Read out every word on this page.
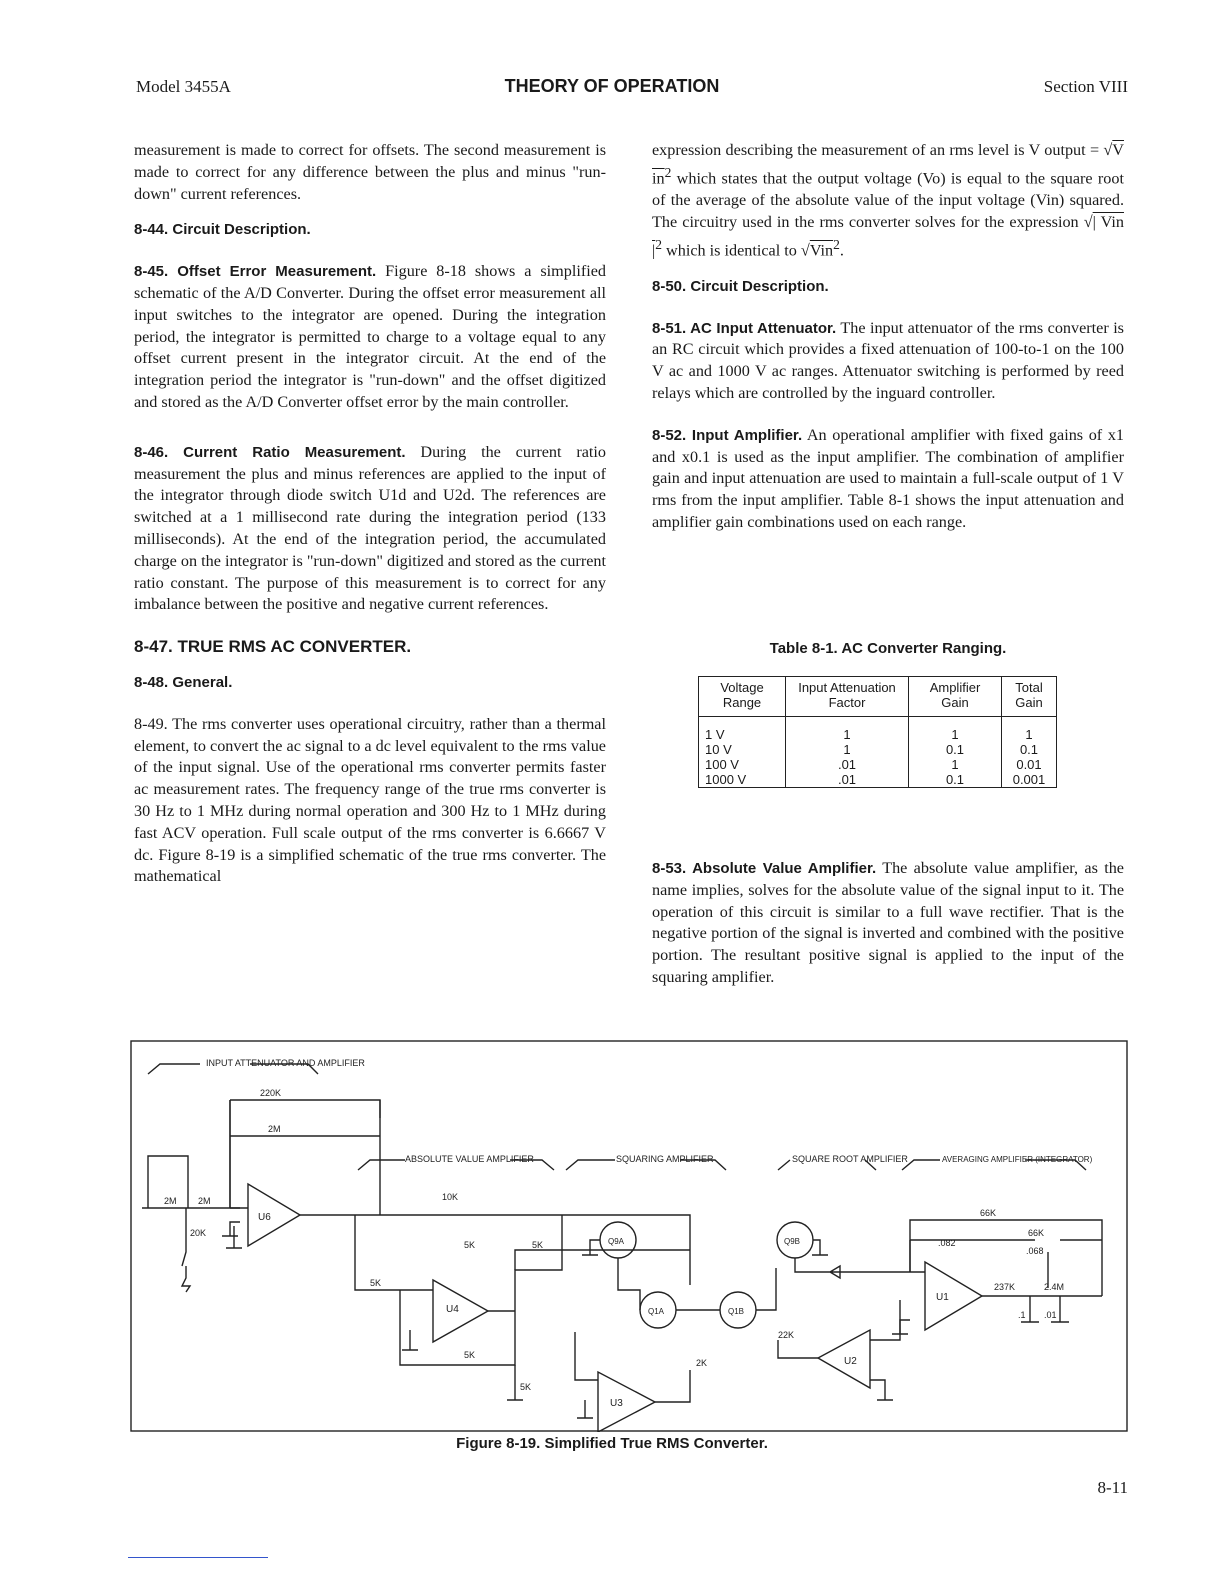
Model 3455A	THEORY OF OPERATION	Section VIII

measurement is made to correct for offsets. The second measurement is made to correct for any difference between the plus and minus "run-down" current references.

8-44. Circuit Description.

8-45. Offset Error Measurement. Figure 8-18 shows a simplified schematic of the A/D Converter. During the offset error measurement all input switches to the integrator are opened. During the integration period, the integrator is permitted to charge to a voltage equal to any offset current present in the integrator circuit. At the end of the integration period the integrator is "run-down" and the offset digitized and stored as the A/D Converter offset error by the main controller.

8-46. Current Ratio Measurement. During the current ratio measurement the plus and minus references are applied to the input of the integrator through diode switch U1d and U2d. The references are switched at a 1 millisecond rate during the integration period (133 milliseconds). At the end of the integration period, the accumulated charge on the integrator is "run-down" digitized and stored as the current ratio constant. The purpose of this measurement is to correct for any imbalance between the positive and negative current references.

8-47. TRUE RMS AC CONVERTER.

8-48. General.

8-49. The rms converter uses operational circuitry, rather than a thermal element, to convert the ac signal to a dc level equivalent to the rms value of the input signal. Use of the operational rms converter permits faster ac measurement rates. The frequency range of the true rms converter is 30 Hz to 1 MHz during normal operation and 300 Hz to 1 MHz during fast ACV operation. Full scale output of the rms converter is 6.6667 V dc. Figure 8-19 is a simplified schematic of the true rms converter. The mathematical

expression describing the measurement of an rms level is V output = √V $in^2$ which states that the output voltage (Vo) is equal to the square root of the average of the absolute value of the input voltage (Vin) squared. The circuitry used in the rms converter solves for the expression √| Vin $|^2$ which is identical to √Vin$^2$.

8-50. Circuit Description.

8-51. AC Input Attenuator. The input attenuator of the rms converter is an RC circuit which provides a fixed attenuation of 100-to-1 on the 100 V ac and 1000 V ac ranges. Attenuator switching is performed by reed relays which are controlled by the inguard controller.

8-52. Input Amplifier. An operational amplifier with fixed gains of x1 and x0.1 is used as the input amplifier. The combination of amplifier gain and input attenuation are used to maintain a full-scale output of 1 V rms from the input amplifier. Table 8-1 shows the input attenuation and amplifier gain combinations used on each range.

8-53. Absolute Value Amplifier. The absolute value amplifier, as the name implies, solves for the absolute value of the signal input to it. The operation of this circuit is similar to a full wave rectifier. That is the negative portion of the signal is inverted and combined with the positive portion. The resultant positive signal is applied to the input of the squaring amplifier.

Table 8-1. AC Converter Ranging.
Voltage Range	Input Attenuation Factor	Amplifier Gain	Total Gain
1 V	1	1	1
10 V	1	0.1	0.1
100 V	.01	1	0.01
1000 V	.01	0.1	0.001
INPUT ATTENUATOR AND AMPLIFIER
ABSOLUTE VALUE AMPLIFIER	SQUARING AMPLIFIER	SQUARE ROOT AMPLIFIER	AVERAGING AMPLIFIER (INTEGRATOR)
220K
2M
2M 2M
20K
U6
10K
5K	5K
5K
5K
5K
U4
U3
Q9A	Q9B
Q1A	Q1B
22K
2K	U2
U1
66K
66K
.082
.068
237K	2.4M
.1 .01
Figure 8-19. Simplified True RMS Converter.
8-11
